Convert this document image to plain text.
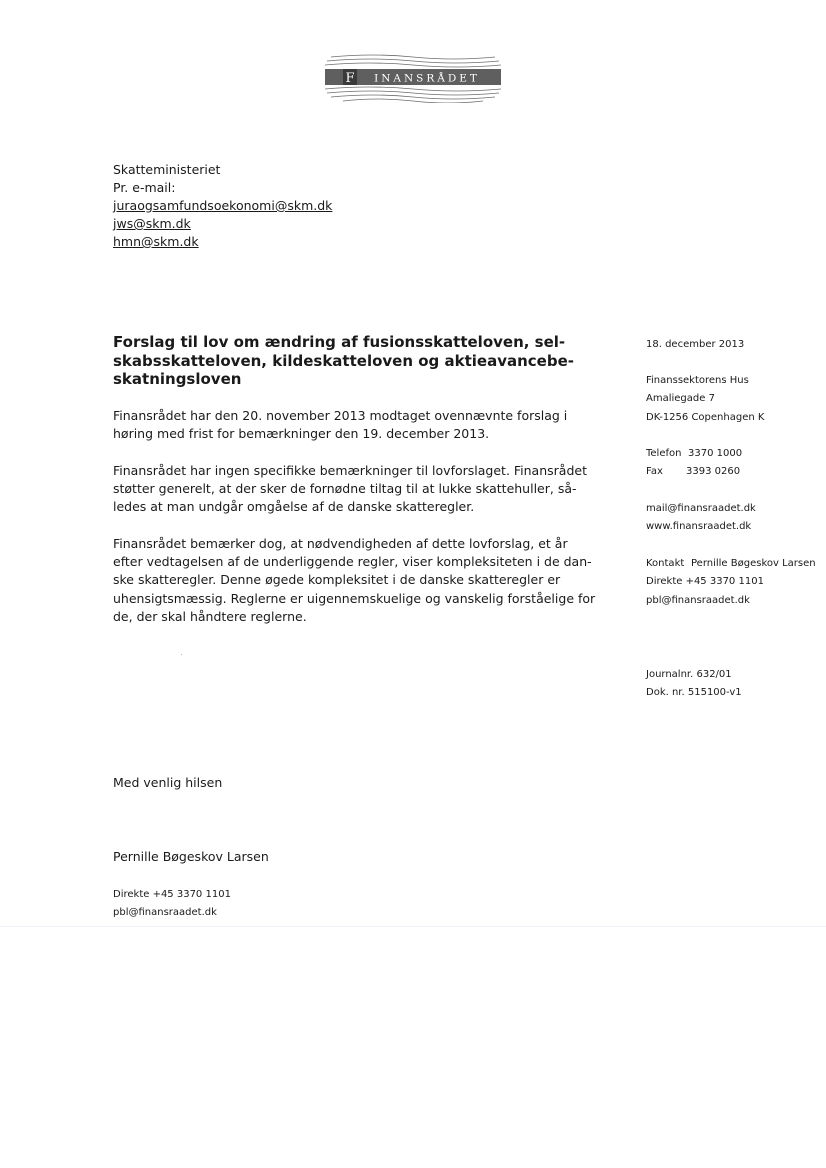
F INANSRÅDET
Skatteministeriet
Pr. e-mail:
juraogsamfundsoekonomi@skm.dk
jws@skm.dk
hmn@skm.dk
Forslag til lov om ændring af fusionsskatteloven, sel-
skabsskatteloven, kildeskatteloven og aktieavancebe-
skatningsloven
Finansrådet har den 20. november 2013 modtaget ovennævnte forslag i
høring med frist for bemærkninger den 19. december 2013.
Finansrådet har ingen specifikke bemærkninger til lovforslaget. Finansrådet
støtter generelt, at der sker de fornødne tiltag til at lukke skattehuller, så-
ledes at man undgår omgåelse af de danske skatteregler.
Finansrådet bemærker dog, at nødvendigheden af dette lovforslag, et år
efter vedtagelsen af de underliggende regler, viser kompleksiteten i de dan-
ske skatteregler. Denne øgede kompleksitet i de danske skatteregler er
uhensigtsmæssig. Reglerne er uigennemskuelige og vanskelig forståelige for
de, der skal håndtere reglerne.
Med venlig hilsen
Pernille Bøgeskov Larsen
Direkte +45 3370 1101
pbl@finansraadet.dk
18. december 2013
Finanssektorens Hus
Amaliegade 7
DK-1256 Copenhagen K
Telefon 3370 1000
Fax 3393 0260
mail@finansraadet.dk
www.finansraadet.dk
Kontakt Pernille Bøgeskov Larsen
Direkte +45 3370 1101
pbl@finansraadet.dk
Journalnr. 632/01
Dok. nr. 515100-v1
